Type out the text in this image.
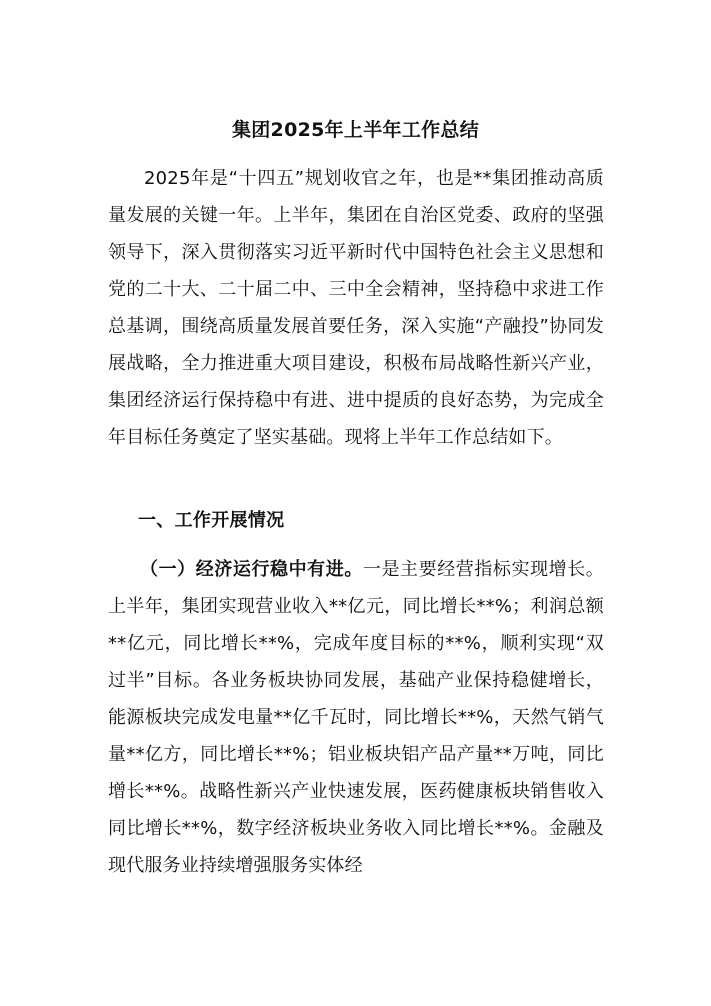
集团2025年上半年工作总结

2025年是“十四五”规划收官之年，也是**集团推动高质量发展的关键一年。上半年，集团在自治区党委、政府的坚强领导下，深入贯彻落实习近平新时代中国特色社会主义思想和党的二十大、二十届二中、三中全会精神，坚持稳中求进工作总基调，围绕高质量发展首要任务，深入实施“产融投”协同发展战略，全力推进重大项目建设，积极布局战略性新兴产业，集团经济运行保持稳中有进、进中提质的良好态势，为完成全年目标任务奠定了坚实基础。现将上半年工作总结如下。

一、工作开展情况

（一）经济运行稳中有进。一是主要经营指标实现增长。上半年，集团实现营业收入**亿元，同比增长**%；利润总额**亿元，同比增长**%，完成年度目标的**%，顺利实现“双过半”目标。各业务板块协同发展，基础产业保持稳健增长，能源板块完成发电量**亿千瓦时，同比增长**%，天然气销气量**亿方，同比增长**%；铝业板块铝产品产量**万吨，同比增长**%。战略性新兴产业快速发展，医药健康板块销售收入同比增长**%，数字经济板块业务收入同比增长**%。金融及现代服务业持续增强服务实体经
